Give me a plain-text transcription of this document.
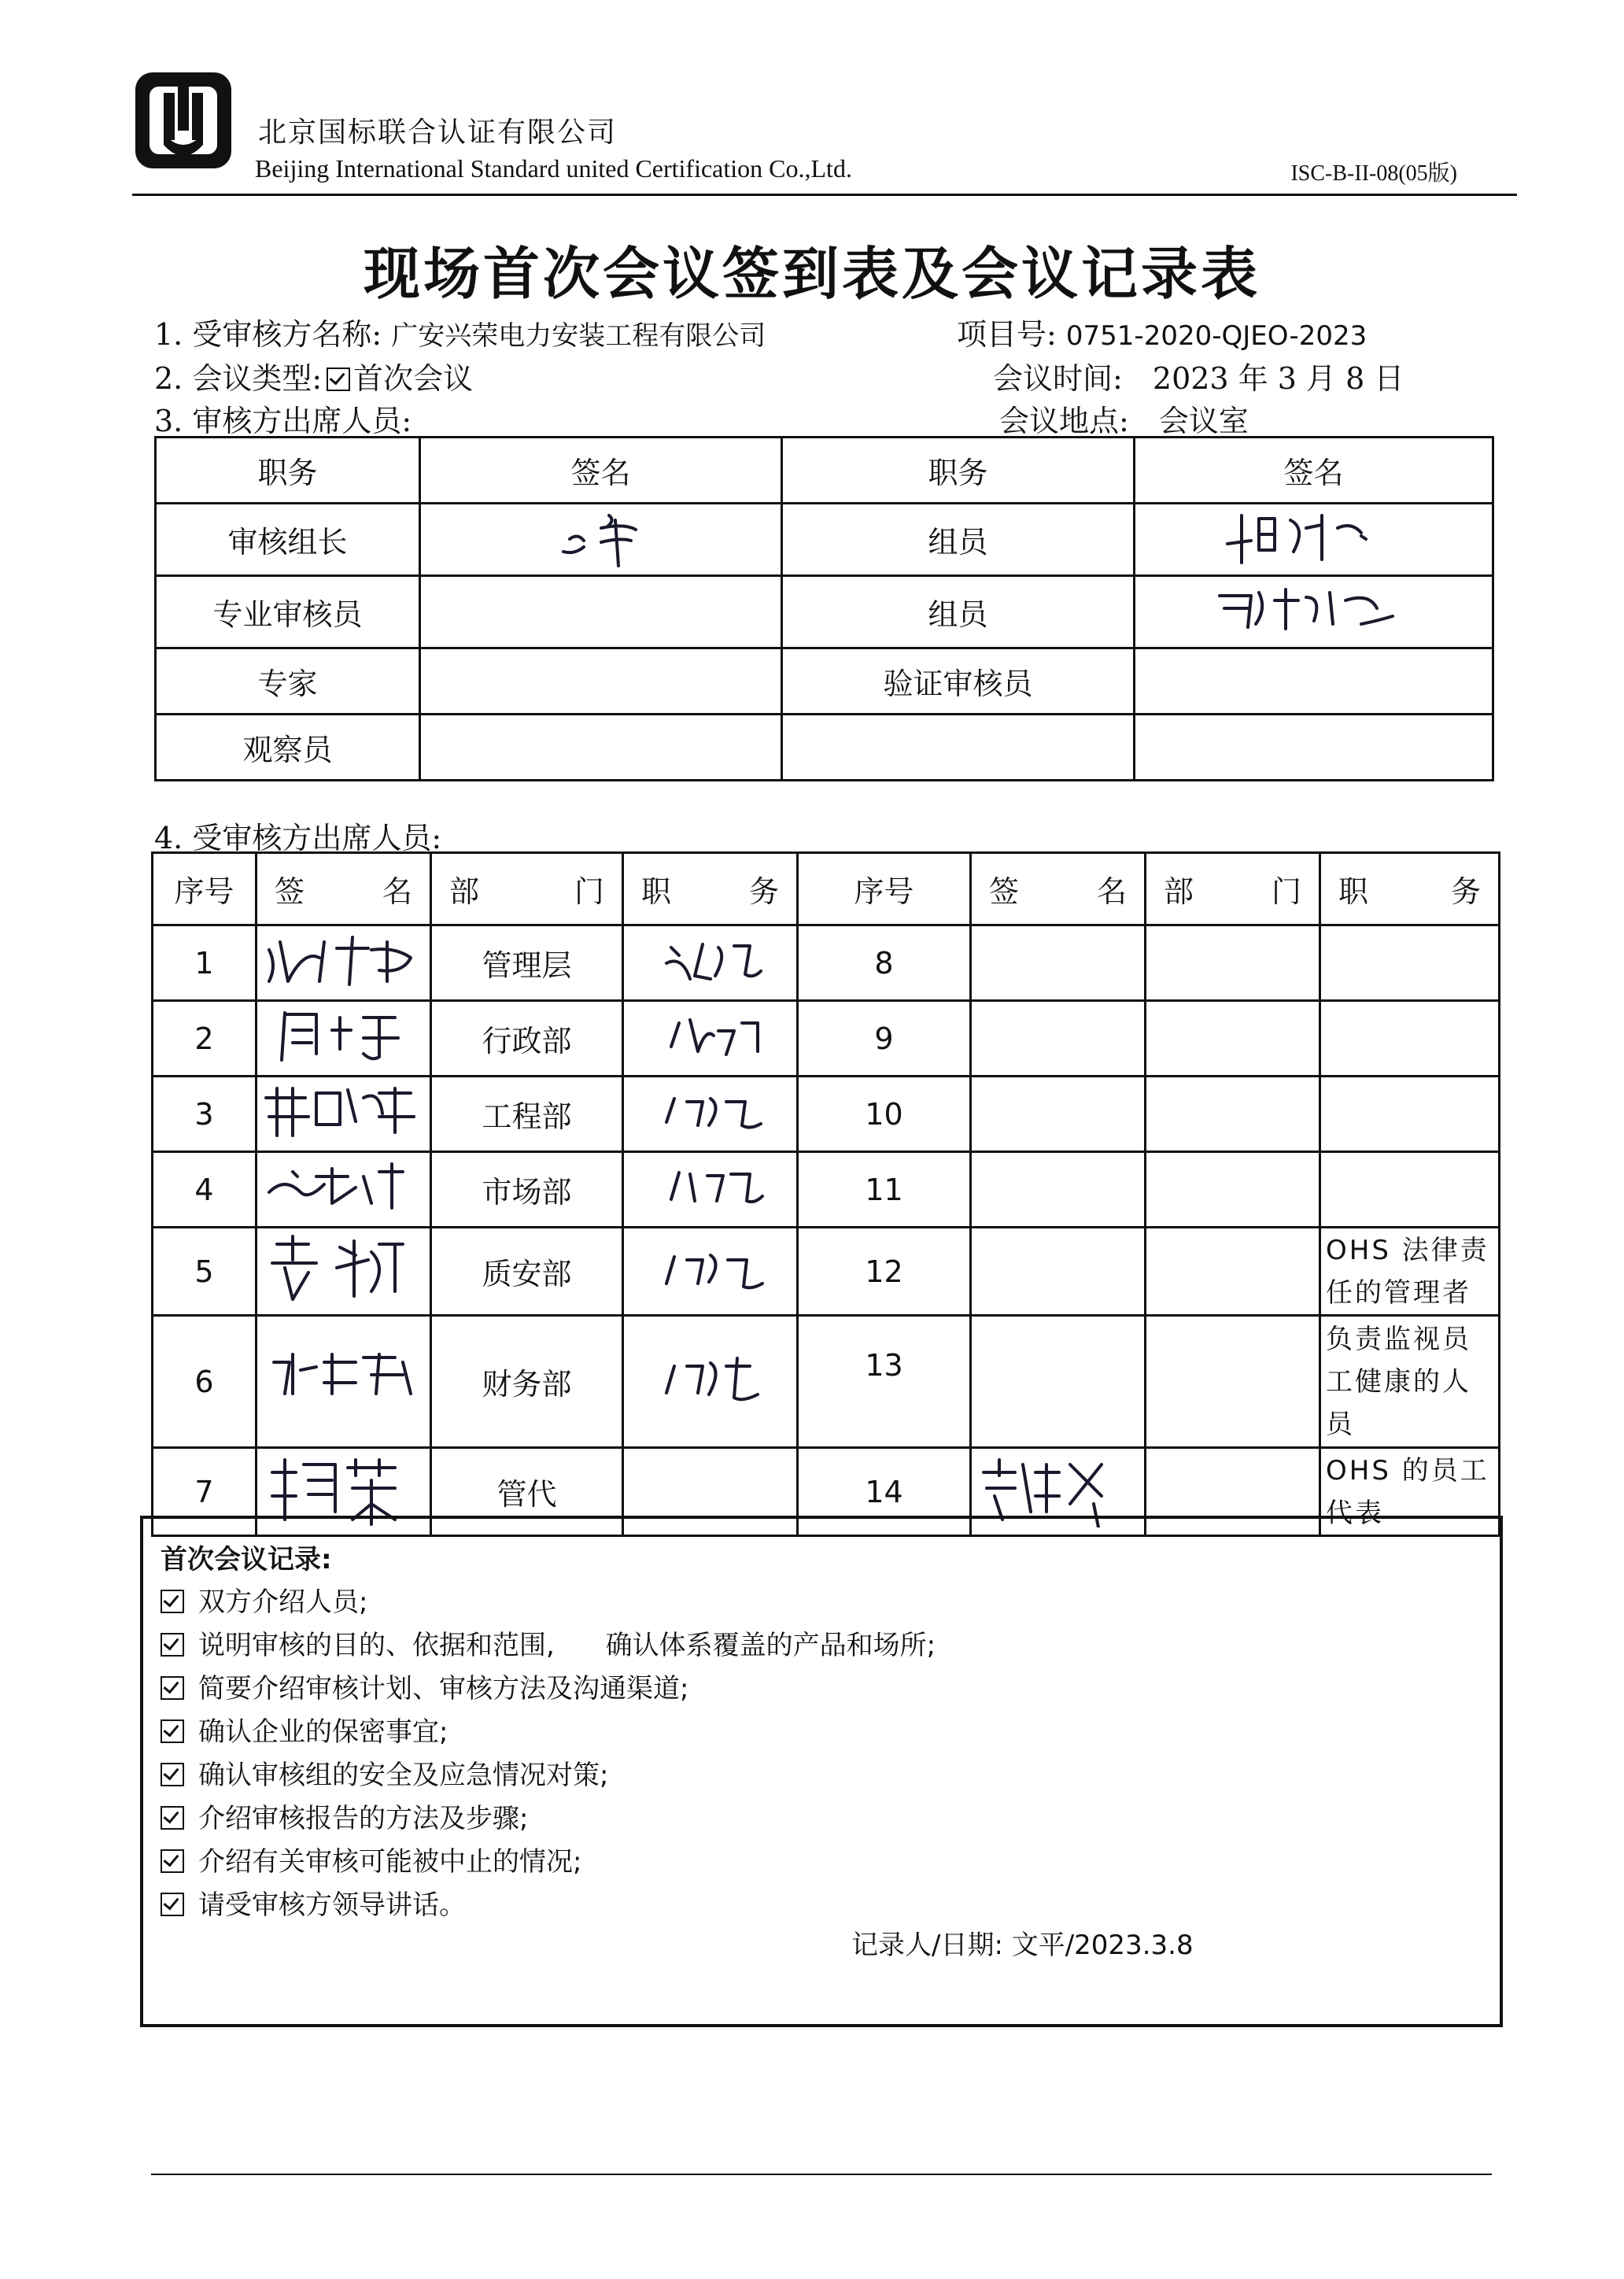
北京国标联合认证有限公司
Beijing International Standard united Certification Co.,Ltd.	ISC-B-II-08(05版)
现场首次会议签到表及会议记录表
1. 受审核方名称: 广安兴荣电力安装工程有限公司	项目号: 0751-2020-QJEO-2023
2. 会议类型: 首次会议	会议时间: 2023 年 3 月 8 日
3. 审核方出席人员:	会议地点: 会议室
职务	签名	职务	签名
审核组长		组员	
专业审核员		组员	
专家		验证审核员	
观察员			
4. 受审核方出席人员:
序号	签 名	部 门	职 务	序号	签 名	部 门	职 务

1		管理层		8			
2		行政部		9			
3		工程部		10			
4		市场部		11			
5		质安部		12			OHS 法律责任的管理者
6		财务部		13			负责监视员工健康的人员
7		管代		14			OHS 的员工代表
首次会议记录:
双方介绍人员;
说明审核的目的、依据和范围,      确认体系覆盖的产品和场所;
简要介绍审核计划、审核方法及沟通渠道;
确认企业的保密事宜;
确认审核组的安全及应急情况对策;
介绍审核报告的方法及步骤;
介绍有关审核可能被中止的情况;
请受审核方领导讲话。
记录人/日期: 文平/2023.3.8
